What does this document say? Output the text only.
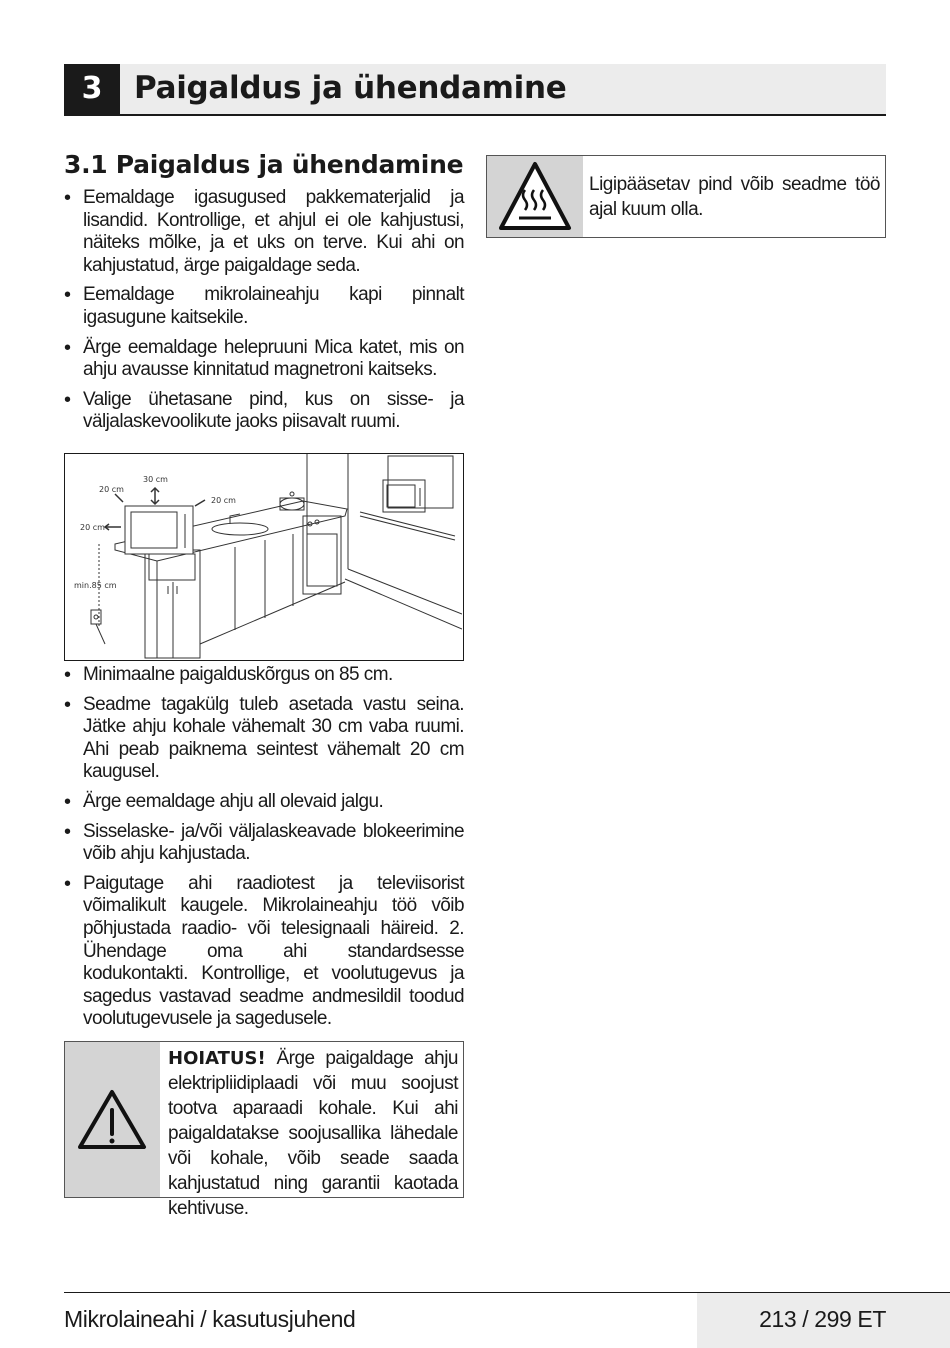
3	Paigaldus ja ühendamine
3.1 Paigaldus ja ühendamine
• Eemaldage igasugused pakkematerjalid ja lisandid. Kontrollige, et ahjul ei ole kahjustusi, näiteks mõlke, ja et uks on terve. Kui ahi on kahjustatud, ärge paigaldage seda.
• Eemaldage mikrolaineahju kapi pinnalt igasugune kaitsekile.
• Ärge eemaldage helepruuni Mica katet, mis on ahju avausse kinnitatud magnetroni kaitseks.
• Valige ühetasane pind, kus on sisse- ja väljalaskevoolikute jaoks piisavalt ruumi.
30 cm
20 cm
20 cm
20 cm
min.85 cm
• Minimaalne paigalduskõrgus on 85 cm.
• Seadme tagakülg tuleb asetada vastu seina. Jätke ahju kohale vähemalt 30 cm vaba ruumi. Ahi peab paiknema seintest vähemalt 20 cm kaugusel.
• Ärge eemaldage ahju all olevaid jalgu.
• Sisselaske- ja/või väljalaskeavade blokeerimine võib ahju kahjustada.
• Paigutage ahi raadiotest ja televiisorist võimalikult kaugele. Mikrolaineahju töö võib põhjustada raadio- või telesignaali häireid. 2. Ühendage oma ahi standardsesse kodukontakti. Kontrollige, et voolutugevus ja sagedus vastavad seadme andmesildil toodud voolutugevusele ja sagedusele.
HOIATUS! Ärge paigaldage ahju elektripliidiplaadi või muu soojust tootva aparaadi kohale. Kui ahi paigaldatakse soojusallika lähedale või kohale, võib seade saada kahjustatud ning garantii kaotada kehtivuse.
Ligipääsetav pind võib seadme töö ajal kuum olla.
Mikrolaineahi / kasutusjuhend	213 / 299 ET
